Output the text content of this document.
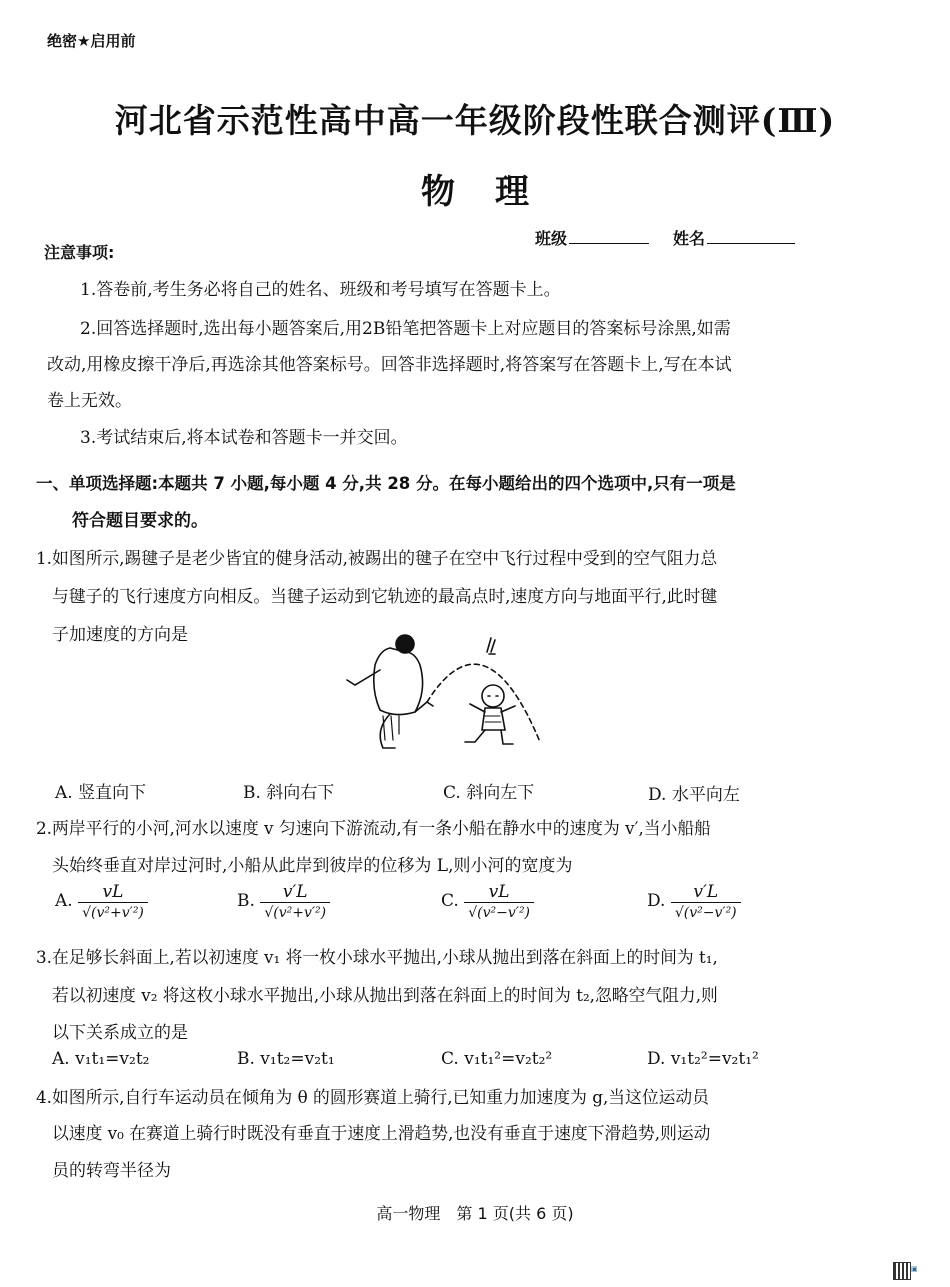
绝密★启用前
河北省示范性高中高一年级阶段性联合测评(Ⅲ)
物理
班级	姓名
注意事项:
1.答卷前,考生务必将自己的姓名、班级和考号填写在答题卡上。
2.回答选择题时,选出每小题答案后,用2B铅笔把答题卡上对应题目的答案标号涂黑,如需
改动,用橡皮擦干净后,再选涂其他答案标号。回答非选择题时,将答案写在答题卡上,写在本试
卷上无效。
3.考试结束后,将本试卷和答题卡一并交回。
一、单项选择题:本题共 7 小题,每小题 4 分,共 28 分。在每小题给出的四个选项中,只有一项是
符合题目要求的。
1.如图所示,踢毽子是老少皆宜的健身活动,被踢出的毽子在空中飞行过程中受到的空气阻力总
与毽子的飞行速度方向相反。当毽子运动到它轨迹的最高点时,速度方向与地面平行,此时毽
子加速度的方向是
A. 竖直向下	B. 斜向右下	C. 斜向左下	D. 水平向左
2.两岸平行的小河,河水以速度 v 匀速向下游流动,有一条小船在静水中的速度为 v′,当小船船
头始终垂直对岸过河时,小船从此岸到彼岸的位移为 L,则小河的宽度为
A. $\frac{vL}{\text{√(v²+v′²)}}$	B. $\frac{v'L}{\text{√(v²+v′²)}}$	C. $\frac{vL}{\text{√(v²−v′²)}}$	D. $\frac{v'L}{\text{√(v²−v′²)}}$
3.在足够长斜面上,若以初速度 v₁ 将一枚小球水平抛出,小球从抛出到落在斜面上的时间为 t₁,
若以初速度 v₂ 将这枚小球水平抛出,小球从抛出到落在斜面上的时间为 t₂,忽略空气阻力,则
以下关系成立的是
A. v₁t₁=v₂t₂	B. v₁t₂=v₂t₁	C. v₁t₁²=v₂t₂²	D. v₁t₂²=v₂t₁²
4.如图所示,自行车运动员在倾角为 θ 的圆形赛道上骑行,已知重力加速度为 g,当这位运动员
以速度 v₀ 在赛道上骑行时既没有垂直于速度上滑趋势,也没有垂直于速度下滑趋势,则运动
员的转弯半径为
高一物理　第 1 页(共 6 页)
▣
